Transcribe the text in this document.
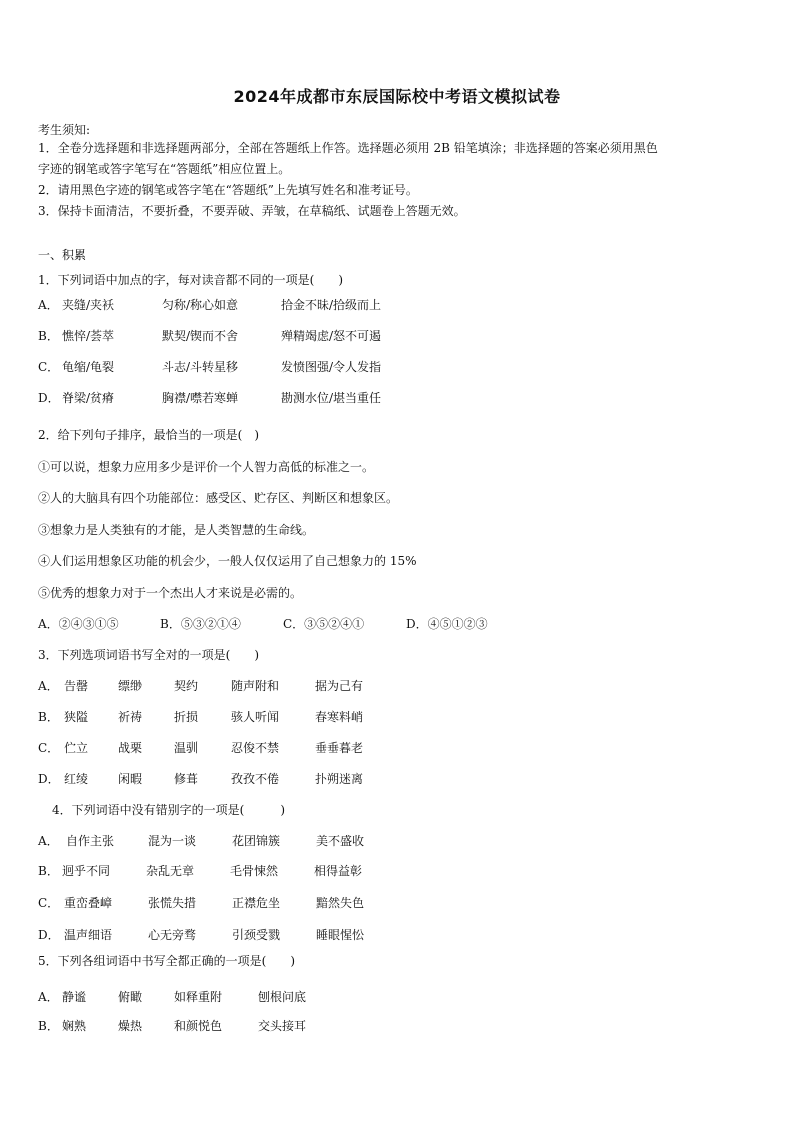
2024年成都市东辰国际校中考语文模拟试卷
考生须知:
1．全卷分选择题和非选择题两部分，全部在答题纸上作答。选择题必须用 2B 铅笔填涂；非选择题的答案必须用黑色
字迹的钢笔或答字笔写在“答题纸”相应位置上。
2．请用黑色字迹的钢笔或答字笔在“答题纸”上先填写姓名和准考证号。
3．保持卡面清洁，不要折叠，不要弄破、弄皱，在草稿纸、试题卷上答题无效。
一、积累
1．下列词语中加点的字，每对读音都不同的一项是(　　)
A． 夹缝/夹袄	匀称/称心如意	拾金不昧/拾级而上
B． 憔悴/荟萃	默契/锲而不舍	殚精竭虑/怒不可遏
C． 龟缩/龟裂	斗志/斗转星移	发愤图强/令人发指
D． 脊梁/贫瘠	胸襟/噤若寒蝉	勘测水位/堪当重任
2．给下列句子排序，最恰当的一项是(　)
①可以说，想象力应用多少是评价一个人智力高低的标准之一。
②人的大脑具有四个功能部位：感受区、贮存区、判断区和想象区。
③想象力是人类独有的才能，是人类智慧的生命线。
④人们运用想象区功能的机会少，一般人仅仅运用了自己想象力的 15%
⑤优秀的想象力对于一个杰出人才来说是必需的。
A．②④③①⑤	B．⑤③②①④	C．③⑤②④①	D．④⑤①②③
3．下列选项词语书写全对的一项是(　　)
A． 告罄 缥缈	契约	随声附和	据为己有
B． 狭隘 祈祷	折损	骇人听闻	春寒料峭
C． 伫立 战栗	温驯	忍俊不禁	垂垂暮老
D． 红绫 闲暇	修葺	孜孜不倦	扑朔迷离
4．下列词语中没有错别字的一项是(　　　)
A． 自作主张	混为一谈	花团锦簇	美不盛收
B． 迥乎不同	杂乱无章	毛骨悚然	相得益彰
C． 重峦叠嶂	张慌失措	正襟危坐	黯然失色
D． 温声细语	心无旁骛	引颈受戮	睡眼惺忪
5．下列各组词语中书写全都正确的一项是(　　)
A． 静谧	俯瞰	如释重附	刨根问底
B． 娴熟	燥热	和颜悦色	交头接耳
